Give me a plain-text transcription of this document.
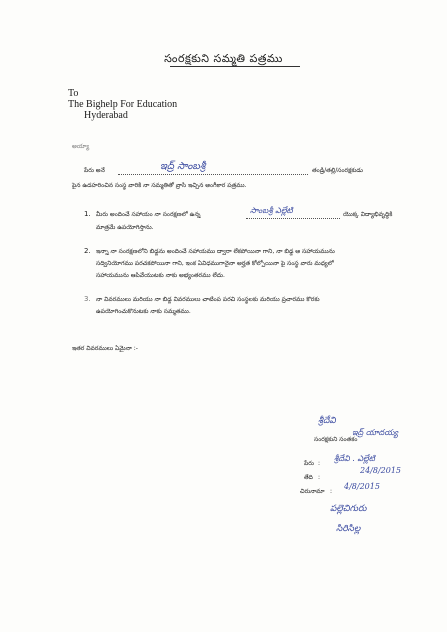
సంరక్షకుని సమ్మతి పత్రము
To
The Bighelp For Education
Hyderabad
అయ్యా
పేరు అనే	ఇద్ర్ సాంబశ్రీ	తండ్రి/తల్లి/సంరక్షకుడు
పైన ఉదహరించిన సంస్థ వారికి నా సమ్మతితో వ్రాసి ఇచ్చిన అంగీకార పత్రము.
1. మీరు అందించే సహాయం నా సంరక్షణలో ఉన్న	సాంబశ్రీ ఎల్లేటి	యొక్క విద్యాభివృద్ధికి
మాత్రమే ఉపయోగిస్తాను.
2. ఇన్నా నా సంరక్షణలోని బిడ్డను అందించే సహాయము ద్వారా లేకపోయినా గాని, నా బిడ్డ ఆ సహాయమును
సద్వినియోగము పరచకపోయినా గాని, ఇంక ఏవిధముగానైనా అర్హత కోల్పోయినా పై సంస్థ వారు మధ్యలో
సహాయమును ఆపివేయుటకు నాకు అభ్యంతరము లేదు.
3. నా వివరములు మరియు నా బిడ్డ వివరములు చాటింప పరచి సంస్థలకు మరియు ప్రచారము కొరకు
ఉపయోగించుకొనుటకు నాకు సమ్మతము.
ఇతర వివరములు ఏమైనా :-
శ్రీదేవి
ఇద్ర్ యాదయ్య
సంరక్షకుని సంతకం
పేరు :
శ్రీదేవి . ఎల్లేటి
తేది :
24/8/2015
చిరునామా :
4/8/2015
పల్లెచిగురు
సిరిసిల్ల
